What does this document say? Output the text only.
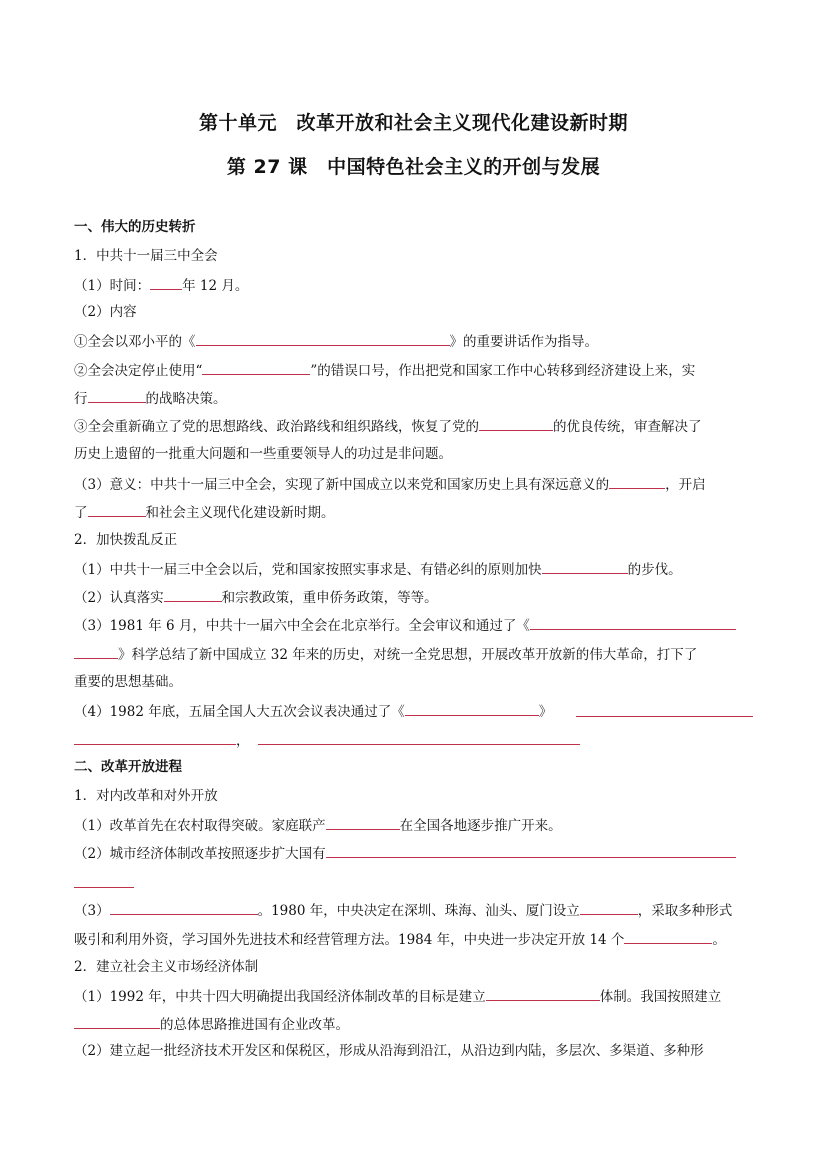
第十单元　改革开放和社会主义现代化建设新时期
第 27 课　中国特色社会主义的开创与发展
一、伟大的历史转折
1．中共十一届三中全会
（1）时间： 年 12 月。
（2）内容
①全会以邓小平的《	》的重要讲话作为指导。
②全会决定停止使用“	”的错误口号，作出把党和国家工作中心转移到经济建设上来，实
行	的战略决策。
③全会重新确立了党的思想路线、政治路线和组织路线，恢复了党的	的优良传统，审查解决了
历史上遗留的一批重大问题和一些重要领导人的功过是非问题。
（3）意义：中共十一届三中全会，实现了新中国成立以来党和国家历史上具有深远意义的	，开启
了	和社会主义现代化建设新时期。
2．加快拨乱反正
（1）中共十一届三中全会以后，党和国家按照实事求是、有错必纠的原则加快	的步伐。
（2）认真落实	和宗教政策，重申侨务政策，等等。
（3）1981 年 6 月，中共十一届六中全会在北京举行。全会审议和通过了《
》科学总结了新中国成立 32 年来的历史，对统一全党思想，开展改革开放新的伟大革命，打下了
重要的思想基础。
（4）1982 年底，五届全国人大五次会议表决通过了《	》
，
二、改革开放进程
1．对内改革和对外开放
（1）改革首先在农村取得突破。家庭联产	在全国各地逐步推广开来。
（2）城市经济体制改革按照逐步扩大国有
（3）	。1980 年，中央决定在深圳、珠海、汕头、厦门设立	，采取多种形式
吸引和利用外资，学习国外先进技术和经营管理方法。1984 年，中央进一步决定开放 14 个	。
2．建立社会主义市场经济体制
（1）1992 年，中共十四大明确提出我国经济体制改革的目标是建立	体制。我国按照建立
的总体思路推进国有企业改革。
（2）建立起一批经济技术开发区和保税区，形成从沿海到沿江，从沿边到内陆，多层次、多渠道、多种形
